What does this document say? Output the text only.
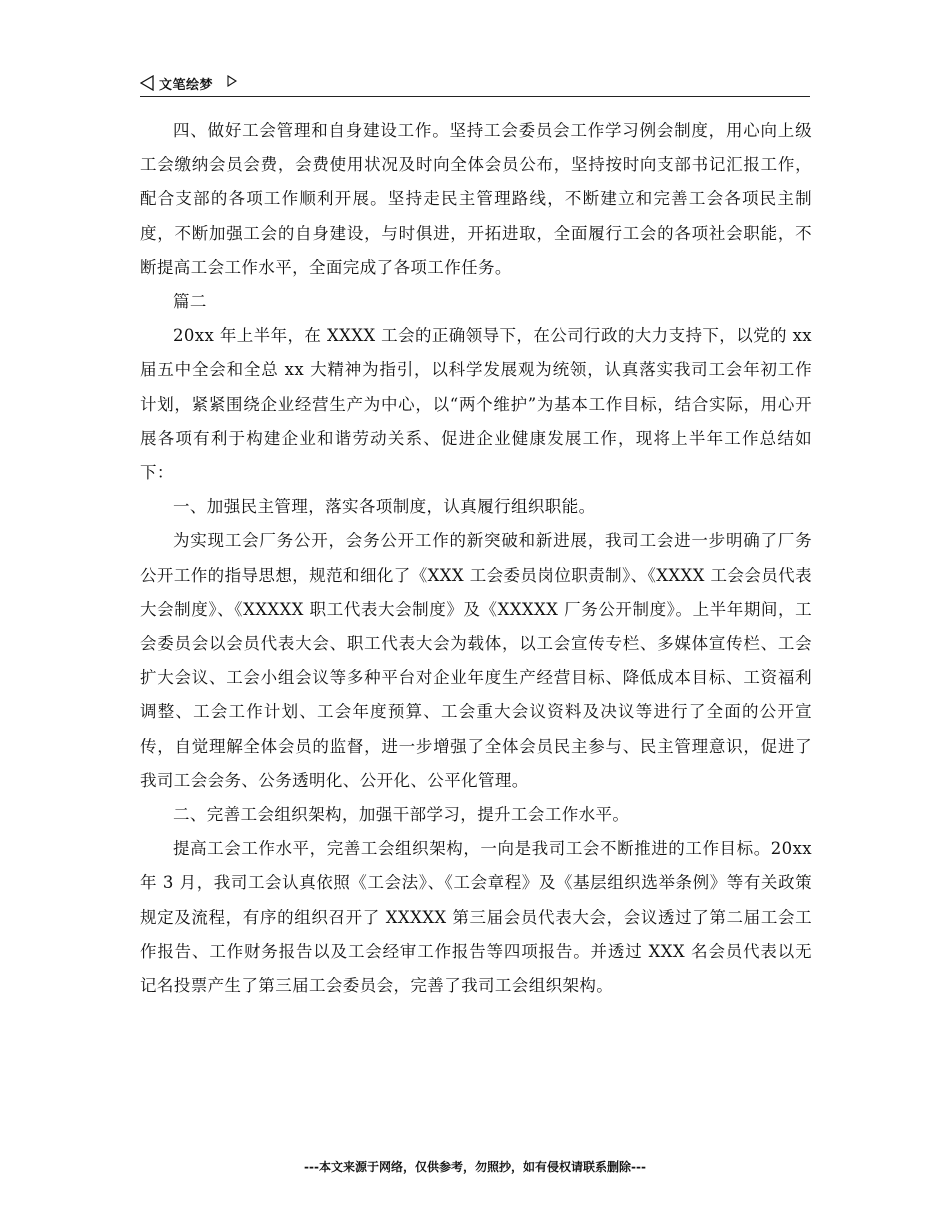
文笔绘梦

四、做好工会管理和自身建设工作。坚持工会委员会工作学习例会制度，用心向上级工会缴纳会员会费，会费使用状况及时向全体会员公布，坚持按时向支部书记汇报工作，配合支部的各项工作顺利开展。坚持走民主管理路线，不断建立和完善工会各项民主制度，不断加强工会的自身建设，与时俱进，开拓进取，全面履行工会的各项社会职能，不断提高工会工作水平，全面完成了各项工作任务。

篇二

20xx 年上半年，在 XXXX 工会的正确领导下，在公司行政的大力支持下，以党的 xx 届五中全会和全总 xx 大精神为指引，以科学发展观为统领，认真落实我司工会年初工作计划，紧紧围绕企业经营生产为中心，以“两个维护”为基本工作目标，结合实际，用心开展各项有利于构建企业和谐劳动关系、促进企业健康发展工作，现将上半年工作总结如下：

一、加强民主管理，落实各项制度，认真履行组织职能。

为实现工会厂务公开，会务公开工作的新突破和新进展，我司工会进一步明确了厂务公开工作的指导思想，规范和细化了《XXX 工会委员岗位职责制》、《XXXX 工会会员代表大会制度》、《XXXXX 职工代表大会制度》及《XXXXX 厂务公开制度》。上半年期间，工会委员会以会员代表大会、职工代表大会为载体，以工会宣传专栏、多媒体宣传栏、工会扩大会议、工会小组会议等多种平台对企业年度生产经营目标、降低成本目标、工资福利调整、工会工作计划、工会年度预算、工会重大会议资料及决议等进行了全面的公开宣传，自觉理解全体会员的监督，进一步增强了全体会员民主参与、民主管理意识，促进了我司工会会务、公务透明化、公开化、公平化管理。

二、完善工会组织架构，加强干部学习，提升工会工作水平。

提高工会工作水平，完善工会组织架构，一向是我司工会不断推进的工作目标。20xx 年 3 月，我司工会认真依照《工会法》、《工会章程》及《基层组织选举条例》等有关政策规定及流程，有序的组织召开了 XXXXX 第三届会员代表大会，会议透过了第二届工会工作报告、工作财务报告以及工会经审工作报告等四项报告。并透过 XXX 名会员代表以无记名投票产生了第三届工会委员会，完善了我司工会组织架构。

---本文来源于网络，仅供参考，勿照抄，如有侵权请联系删除---
